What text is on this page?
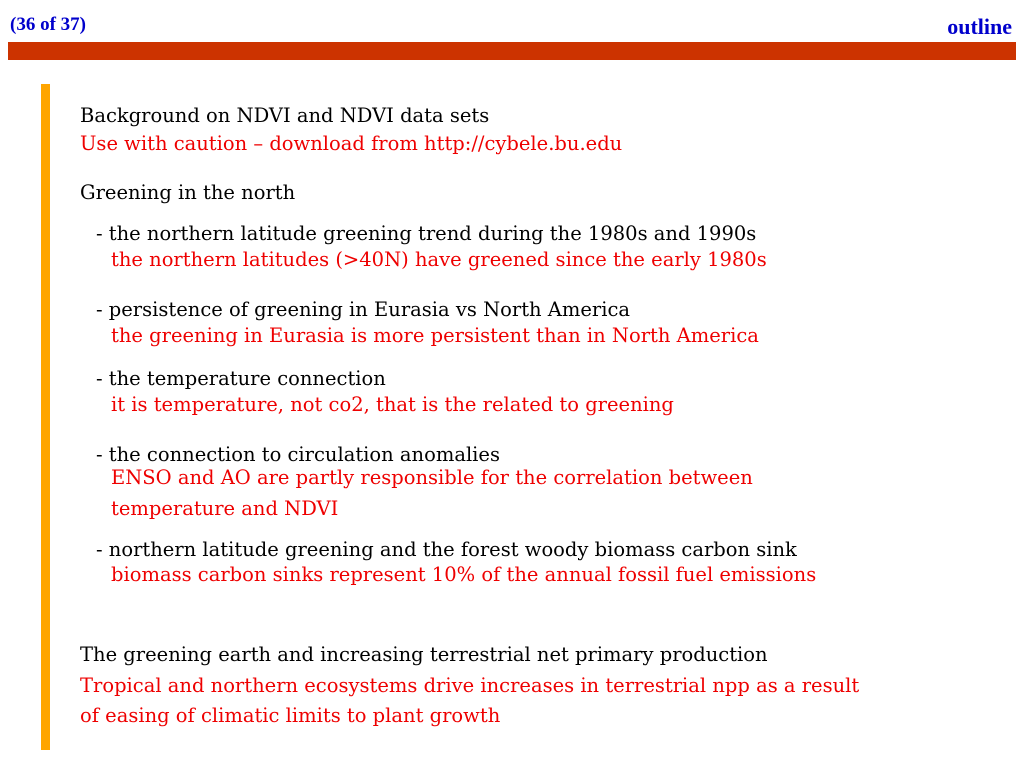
(36 of 37)	outline
Background on NDVI and NDVI data sets
Use with caution – download from http://cybele.bu.edu
Greening in the north
- the northern latitude greening trend during the 1980s and 1990s
the northern latitudes (>40N) have greened since the early 1980s
- persistence of greening in Eurasia vs North America
the greening in Eurasia is more persistent than in North America
- the temperature connection
it is temperature, not co2, that is the related to greening
- the connection to circulation anomalies
ENSO and AO are partly responsible for the correlation between
temperature and NDVI
- northern latitude greening and the forest woody biomass carbon sink
biomass carbon sinks represent 10% of the annual fossil fuel emissions
The greening earth and increasing terrestrial net primary production
Tropical and northern ecosystems drive increases in terrestrial npp as a result
of easing of climatic limits to plant growth
